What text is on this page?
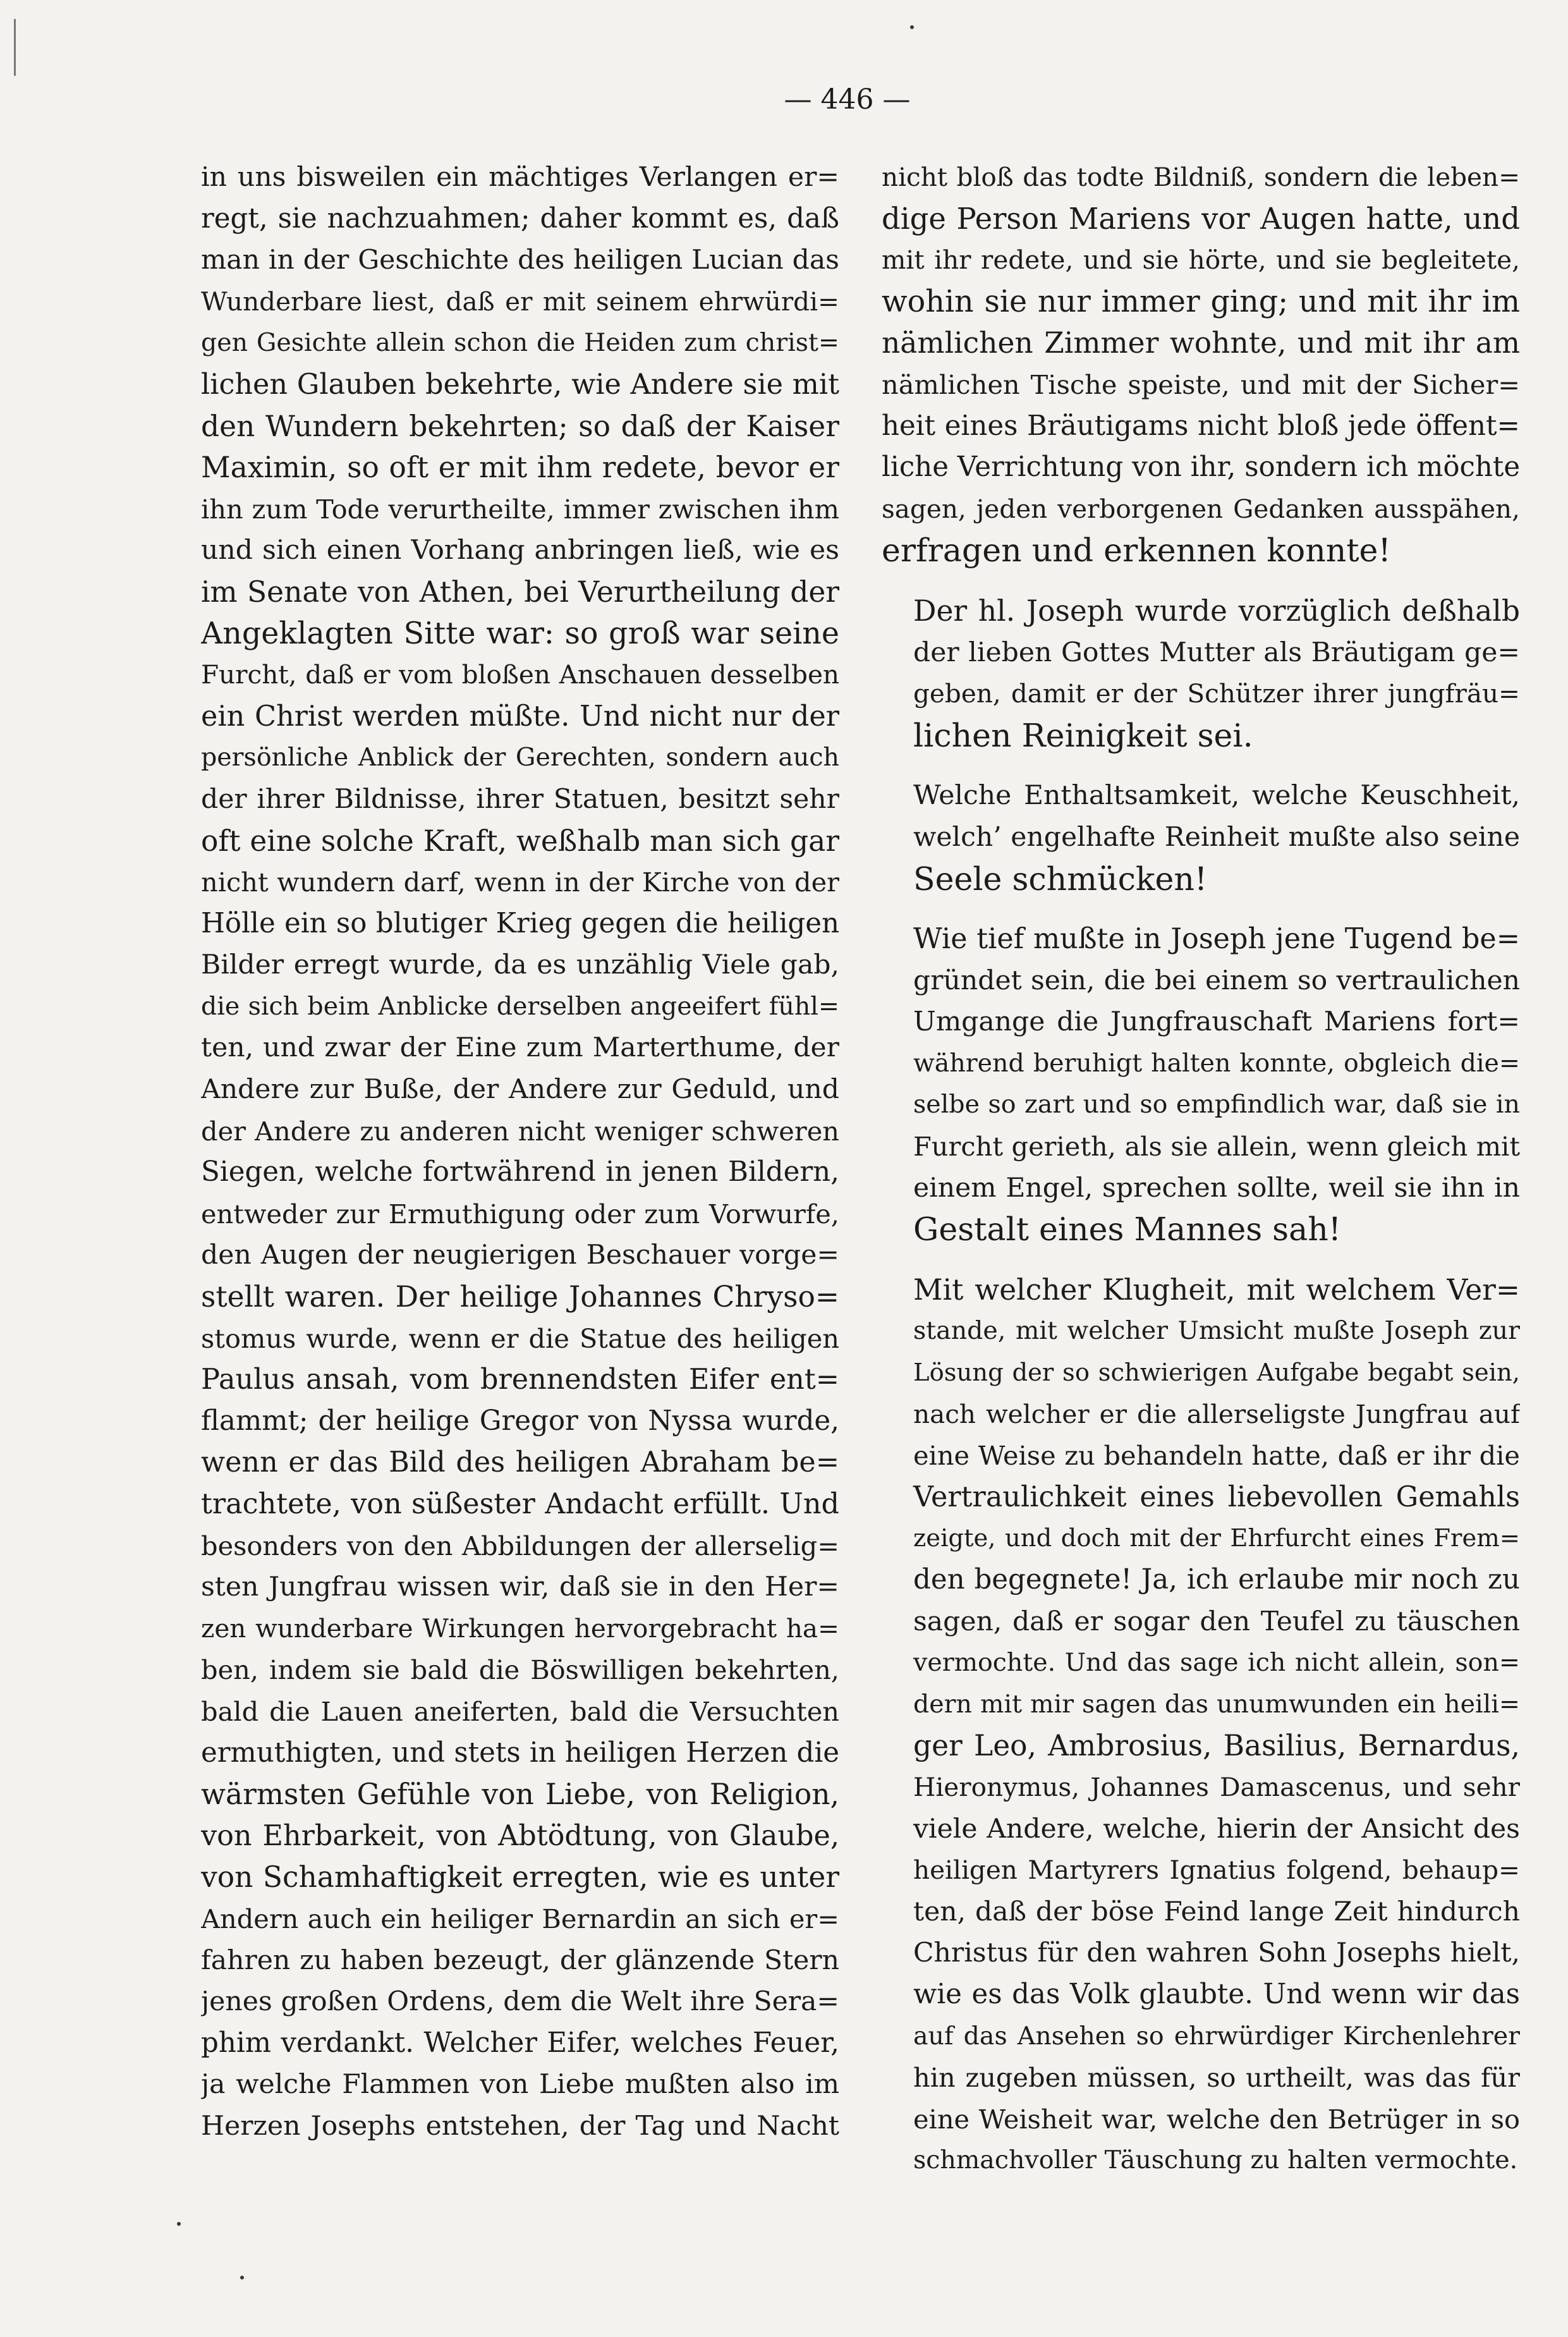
— 446 —
in uns bisweilen ein mächtiges Verlangen er=
regt, sie nachzuahmen; daher kommt es, daß
man in der Geschichte des heiligen Lucian das
Wunderbare liest, daß er mit seinem ehrwürdi=
gen Gesichte allein schon die Heiden zum christ=
lichen Glauben bekehrte, wie Andere sie mit
den Wundern bekehrten; so daß der Kaiser
Maximin, so oft er mit ihm redete, bevor er
ihn zum Tode verurtheilte, immer zwischen ihm
und sich einen Vorhang anbringen ließ, wie es
im Senate von Athen, bei Verurtheilung der
Angeklagten Sitte war: so groß war seine
Furcht, daß er vom bloßen Anschauen desselben
ein Christ werden müßte. Und nicht nur der
persönliche Anblick der Gerechten, sondern auch
der ihrer Bildnisse, ihrer Statuen, besitzt sehr
oft eine solche Kraft, weßhalb man sich gar
nicht wundern darf, wenn in der Kirche von der
Hölle ein so blutiger Krieg gegen die heiligen
Bilder erregt wurde, da es unzählig Viele gab,
die sich beim Anblicke derselben angeeifert fühl=
ten, und zwar der Eine zum Marterthume, der
Andere zur Buße, der Andere zur Geduld, und
der Andere zu anderen nicht weniger schweren
Siegen, welche fortwährend in jenen Bildern,
entweder zur Ermuthigung oder zum Vorwurfe,
den Augen der neugierigen Beschauer vorge=
stellt waren. Der heilige Johannes Chryso=
stomus wurde, wenn er die Statue des heiligen
Paulus ansah, vom brennendsten Eifer ent=
flammt; der heilige Gregor von Nyssa wurde,
wenn er das Bild des heiligen Abraham be=
trachtete, von süßester Andacht erfüllt. Und
besonders von den Abbildungen der allerselig=
sten Jungfrau wissen wir, daß sie in den Her=
zen wunderbare Wirkungen hervorgebracht ha=
ben, indem sie bald die Böswilligen bekehrten,
bald die Lauen aneiferten, bald die Versuchten
ermuthigten, und stets in heiligen Herzen die
wärmsten Gefühle von Liebe, von Religion,
von Ehrbarkeit, von Abtödtung, von Glaube,
von Schamhaftigkeit erregten, wie es unter
Andern auch ein heiliger Bernardin an sich er=
fahren zu haben bezeugt, der glänzende Stern
jenes großen Ordens, dem die Welt ihre Sera=
phim verdankt. Welcher Eifer, welches Feuer,
ja welche Flammen von Liebe mußten also im
Herzen Josephs entstehen, der Tag und Nacht

nicht bloß das todte Bildniß, sondern die leben=
dige Person Mariens vor Augen hatte, und
mit ihr redete, und sie hörte, und sie begleitete,
wohin sie nur immer ging; und mit ihr im
nämlichen Zimmer wohnte, und mit ihr am
nämlichen Tische speiste, und mit der Sicher=
heit eines Bräutigams nicht bloß jede öffent=
liche Verrichtung von ihr, sondern ich möchte
sagen, jeden verborgenen Gedanken ausspähen,
erfragen und erkennen konnte!

Der hl. Joseph wurde vorzüglich deßhalb
der lieben Gottes Mutter als Bräutigam ge=
geben, damit er der Schützer ihrer jungfräu=
lichen Reinigkeit sei.

Welche Enthaltsamkeit, welche Keuschheit,
welch’ engelhafte Reinheit mußte also seine
Seele schmücken!

Wie tief mußte in Joseph jene Tugend be=
gründet sein, die bei einem so vertraulichen
Umgange die Jungfrauschaft Mariens fort=
während beruhigt halten konnte, obgleich die=
selbe so zart und so empfindlich war, daß sie in
Furcht gerieth, als sie allein, wenn gleich mit
einem Engel, sprechen sollte, weil sie ihn in
Gestalt eines Mannes sah!

Mit welcher Klugheit, mit welchem Ver=
stande, mit welcher Umsicht mußte Joseph zur
Lösung der so schwierigen Aufgabe begabt sein,
nach welcher er die allerseligste Jungfrau auf
eine Weise zu behandeln hatte, daß er ihr die
Vertraulichkeit eines liebevollen Gemahls
zeigte, und doch mit der Ehrfurcht eines Frem=
den begegnete! Ja, ich erlaube mir noch zu
sagen, daß er sogar den Teufel zu täuschen
vermochte. Und das sage ich nicht allein, son=
dern mit mir sagen das unumwunden ein heili=
ger Leo, Ambrosius, Basilius, Bernardus,
Hieronymus, Johannes Damascenus, und sehr
viele Andere, welche, hierin der Ansicht des
heiligen Martyrers Ignatius folgend, behaup=
ten, daß der böse Feind lange Zeit hindurch
Christus für den wahren Sohn Josephs hielt,
wie es das Volk glaubte. Und wenn wir das
auf das Ansehen so ehrwürdiger Kirchenlehrer
hin zugeben müssen, so urtheilt, was das für
eine Weisheit war, welche den Betrüger in so
schmachvoller Täuschung zu halten vermochte.
